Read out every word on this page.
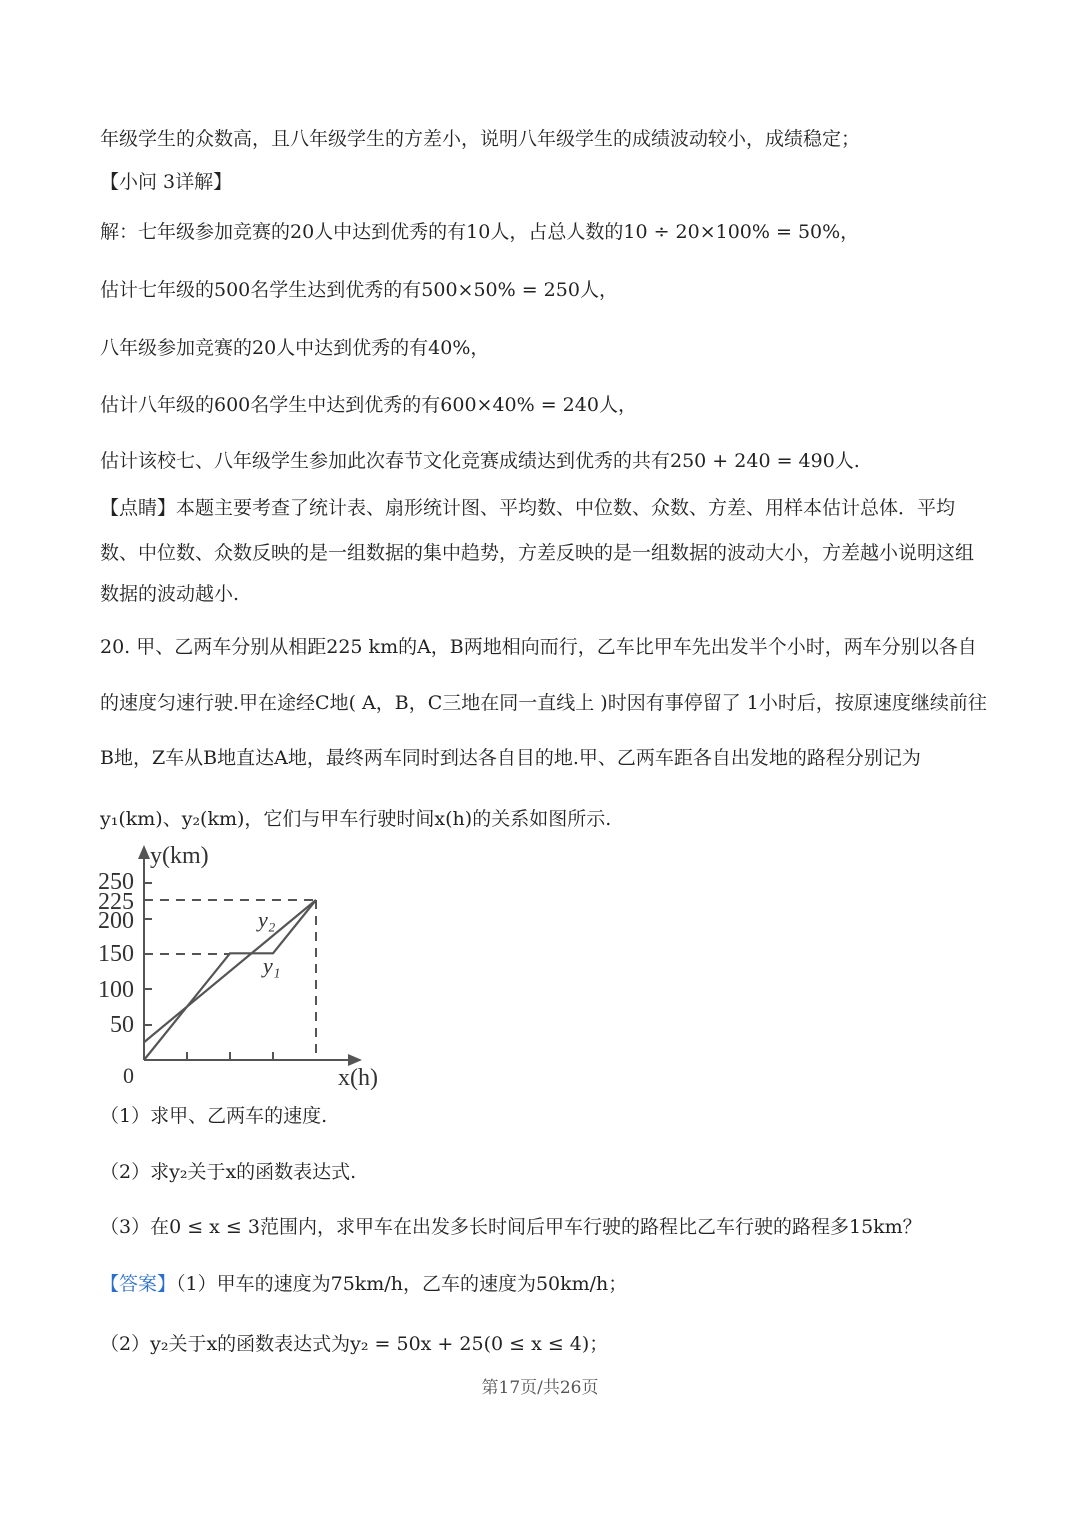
年级学生的众数高，且八年级学生的方差小，说明八年级学生的成绩波动较小，成绩稳定；
【小问 3详解】
解：七年级参加竞赛的20人中达到优秀的有10人，占总人数的10 ÷ 20×100% = 50%，
估计七年级的500名学生达到优秀的有500×50% = 250人，
八年级参加竞赛的20人中达到优秀的有40%，
估计八年级的600名学生中达到优秀的有600×40% = 240人，
估计该校七、八年级学生参加此次春节文化竞赛成绩达到优秀的共有250 + 240 = 490人.
【点睛】本题主要考查了统计表、扇形统计图、平均数、中位数、众数、方差、用样本估计总体．平均
数、中位数、众数反映的是一组数据的集中趋势，方差反映的是一组数据的波动大小，方差越小说明这组
数据的波动越小.
20. 甲、乙两车分别从相距225 km的A，B两地相向而行，乙车比甲车先出发半个小时，两车分别以各自
的速度匀速行驶.甲在途经C地( A，B，C三地在同一直线上 )时因有事停留了 1小时后，按原速度继续前往
B地，Z车从B地直达A地，最终两车同时到达各自目的地.甲、乙两车距各自出发地的路程分别记为
y₁(km)、y₂(km)，它们与甲车行驶时间x(h)的关系如图所示.
y(km)
x(h)
0
250
225
200
150
100
50
y₂
y₁
（1）求甲、乙两车的速度.
（2）求y₂关于x的函数表达式.
（3）在0 ≤ x ≤ 3范围内，求甲车在出发多长时间后甲车行驶的路程比乙车行驶的路程多15km？
【答案】（1）甲车的速度为75km/h，乙车的速度为50km/h；
（2）y₂关于x的函数表达式为y₂ = 50x + 25(0 ≤ x ≤ 4)；
第17页/共26页
